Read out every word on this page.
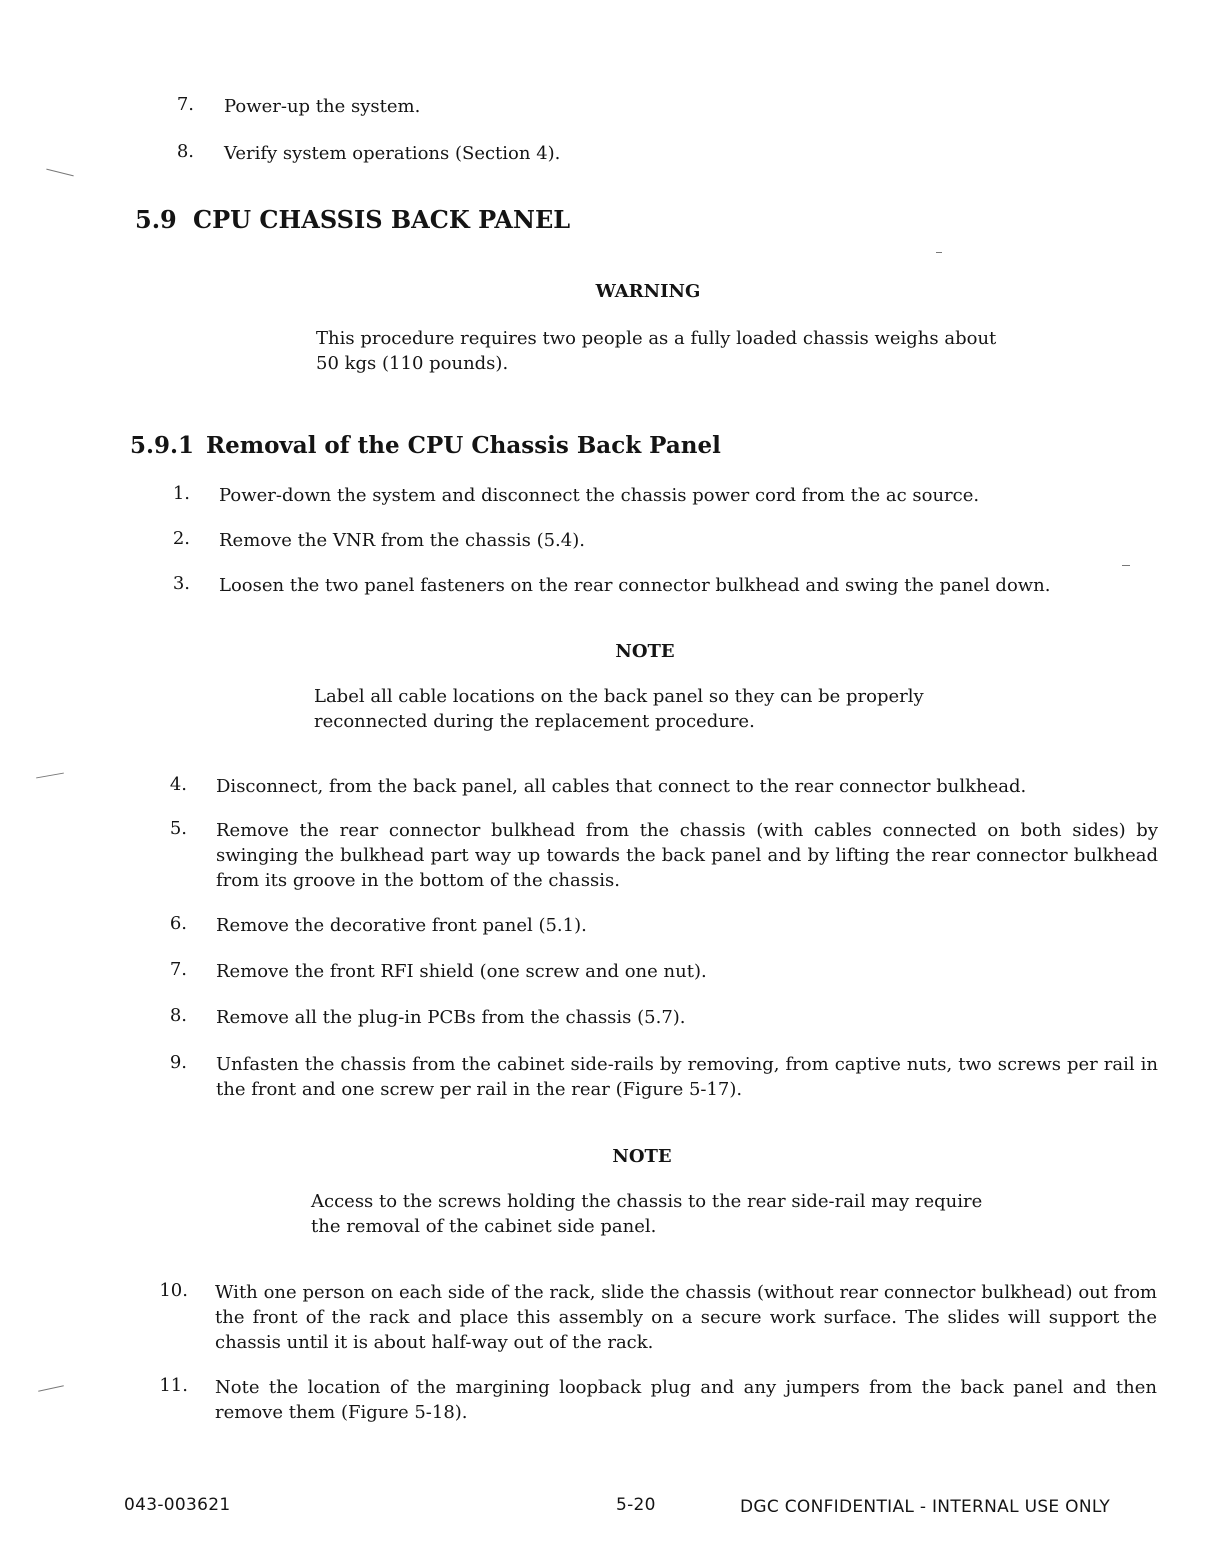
7. Power-up the system.
8. Verify system operations (Section 4).
5.9 CPU CHASSIS BACK PANEL
WARNING
This procedure requires two people as a fully loaded chassis weighs about
50 kgs (110 pounds).
5.9.1 Removal of the CPU Chassis Back Panel
1. Power-down the system and disconnect the chassis power cord from the ac source.
2. Remove the VNR from the chassis (5.4).
3. Loosen the two panel fasteners on the rear connector bulkhead and swing the panel down.
NOTE
Label all cable locations on the back panel so they can be properly
reconnected during the replacement procedure.
4. Disconnect, from the back panel, all cables that connect to the rear connector bulkhead.
5. Remove the rear connector bulkhead from the chassis (with cables connected on both sides) by swinging the bulkhead part way up towards the back panel and by lifting the rear connector bulkhead from its groove in the bottom of the chassis.
6. Remove the decorative front panel (5.1).
7. Remove the front RFI shield (one screw and one nut).
8. Remove all the plug-in PCBs from the chassis (5.7).
9. Unfasten the chassis from the cabinet side-rails by removing, from captive nuts, two screws per rail in the front and one screw per rail in the rear (Figure 5-17).
NOTE
Access to the screws holding the chassis to the rear side-rail may require
the removal of the cabinet side panel.
10. With one person on each side of the rack, slide the chassis (without rear connector bulkhead) out from the front of the rack and place this assembly on a secure work surface. The slides will support the chassis until it is about half-way out of the rack.
11. Note the location of the margining loopback plug and any jumpers from the back panel and then remove them (Figure 5-18).
043-003621	5-20	DGC CONFIDENTIAL - INTERNAL USE ONLY
